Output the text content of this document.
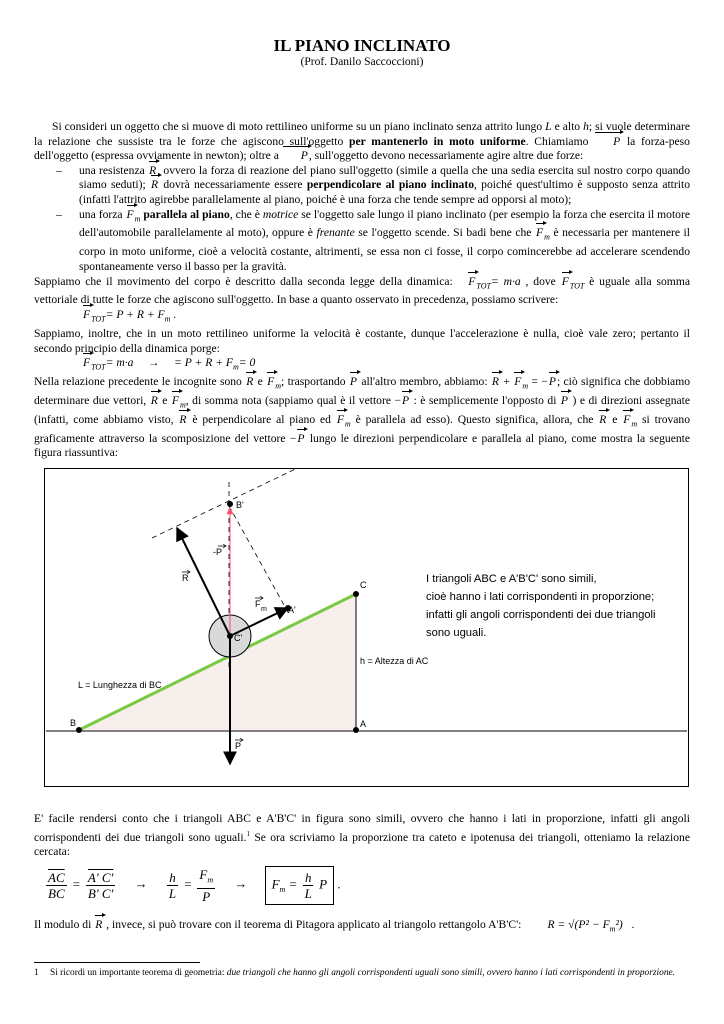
IL PIANO INCLINATO
(Prof. Danilo Saccoccioni)

Si consideri un oggetto che si muove di moto rettilineo uniforme su un piano inclinato senza attrito lungo L e alto h; si vuole determinare la relazione che sussiste tra le forze che agiscono sull'oggetto per mantenerlo in moto uniforme. Chiamiamo P la forza-peso dell'oggetto (espressa ovviamente in newton); oltre a P, sull'oggetto devono necessariamente agire altre due forze:

– una resistenza R, ovvero la forza di reazione del piano sull'oggetto (simile a quella che una sedia esercita sul nostro corpo quando siamo seduti); R dovrà necessariamente essere perpendicolare al piano inclinato, poiché quest'ultimo è supposto senza attrito (infatti l'attrito agirebbe parallelamente al piano, poiché è una forza che tende sempre ad opporsi al moto);

– una forza $F_m$ parallela al piano, che è motrice se l'oggetto sale lungo il piano inclinato (per esempio la forza che esercita il motore dell'automobile parallelamente al moto), oppure è frenante se l'oggetto scende. Si badi bene che $F_m$ è necessaria per mantenere il corpo in moto uniforme, cioè a velocità costante, altrimenti, se essa non ci fosse, il corpo comincerebbe ad accelerare scendendo spontaneamente verso il basso per la gravità.

Sappiamo che il movimento del corpo è descritto dalla seconda legge della dinamica: $F_{TOT}= m\cdot a$ , dove $F_{TOT}$ è uguale alla somma vettoriale di tutte le forze che agiscono sull'oggetto. In base a quanto osservato in precedenza, possiamo scrivere:

$F_{TOT}= P + R + F_m$ .

Sappiamo, inoltre, che in un moto rettilineo uniforme la velocità è costante, dunque l'accelerazione è nulla, cioè vale zero; pertanto il secondo principio della dinamica porge:

$F_{TOT}= m\cdot a$ → = $P + R + F_m= 0$

Nella relazione precedente le incognite sono R e $F_m$; trasportando P all'altro membro, abbiamo: $R + F_m = -P$; ciò significa che dobbiamo determinare due vettori, R e $F_m$, di somma nota (sappiamo qual è il vettore −P : è semplicemente l'opposto di P ) e di direzioni assegnate (infatti, come abbiamo visto, R è perpendicolare al piano ed $F_m$ è parallela ad esso). Questo significa, allora, che R e $F_m$ si trovano graficamente attraverso la scomposizione del vettore −P lungo le direzioni perpendicolare e parallela al piano, come mostra la seguente figura riassuntiva:

B	A
C
B'
A'
C'
-P
R
F
m
P
h = Altezza di AC
L = Lunghezza di BC
I triangoli ABC e A'B'C' sono simili,
cioè hanno i lati corrispondenti in proporzione;
infatti gli angoli corrispondenti dei due triangoli
sono uguali.
E' facile rendersi conto che i triangoli ABC e A'B'C' in figura sono simili, ovvero che hanno i lati in proporzione, infatti gli angoli corrispondenti dei due triangoli sono uguali.$^1$ Se ora scriviamo la proporzione tra cateto e ipotenusa dei triangoli, otteniamo la relazione cercata:
$\frac{\overline{AC}}{BC} = \frac{A' C'}{B' C'} \to \frac{h}{L} = \frac{F_m}{P} \to F_m = \frac{h}{L}$ P .
Il modulo di R , invece, si può trovare con il teorema di Pitagora applicato al triangolo rettangolo A'B'C': $R = √(P^2 - F_m^2)$ .
1	Si ricordi un importante teorema di geometria: due triangoli che hanno gli angoli corrispondenti uguali sono simili, ovvero hanno i lati corrispondenti in proporzione.
